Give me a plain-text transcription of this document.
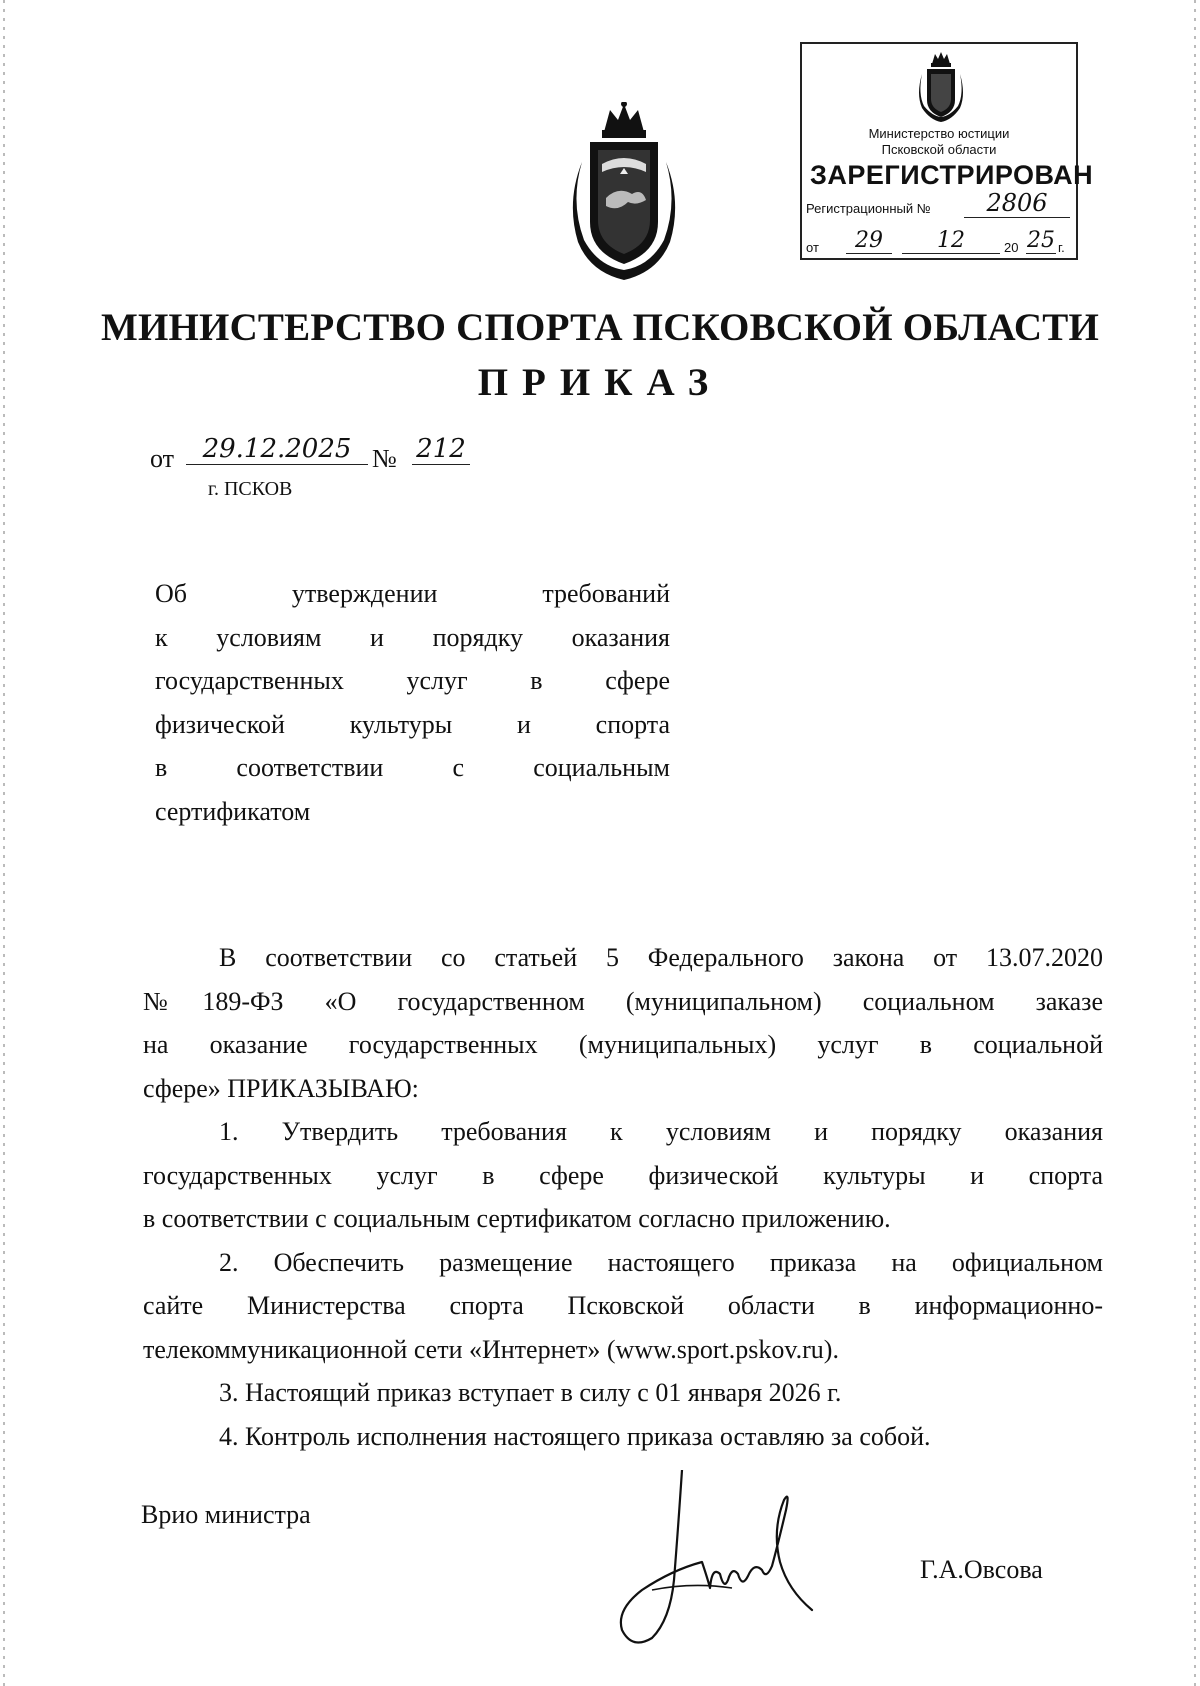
Министерство юстиции
Псковской области
ЗАРЕГИСТРИРОВАН
Регистрационный №	2806
от	29	12	20 25 г.
МИНИСТЕРСТВО СПОРТА ПСКОВСКОЙ ОБЛАСТИ
ПРИКАЗ
от	29.12.2025 № 212
г. ПСКОВ
Об утверждении требований
к условиям и порядку оказания
государственных услуг в сфере
физической культуры и спорта
в соответствии с социальным
сертификатом
В соответствии со статьей 5 Федерального закона от 13.07.2020
№189-ФЗ «О государственном (муниципальном) социальном заказе
на оказание государственных (муниципальных) услуг в социальной
сфере» ПРИКАЗЫВАЮ:
1. Утвердить требования к условиям и порядку оказания
государственных услуг в сфере физической культуры и спорта
в соответствии с социальным сертификатом согласно приложению.
2. Обеспечить размещение настоящего приказа на официальном
сайте Министерства спорта Псковской области в информационно-
телекоммуникационной сети «Интернет» (www.sport.pskov.ru).
3. Настоящий приказ вступает в силу с 01 января 2026 г.
4. Контроль исполнения настоящего приказа оставляю за собой.
Врио министра
Г.А.Овсова
